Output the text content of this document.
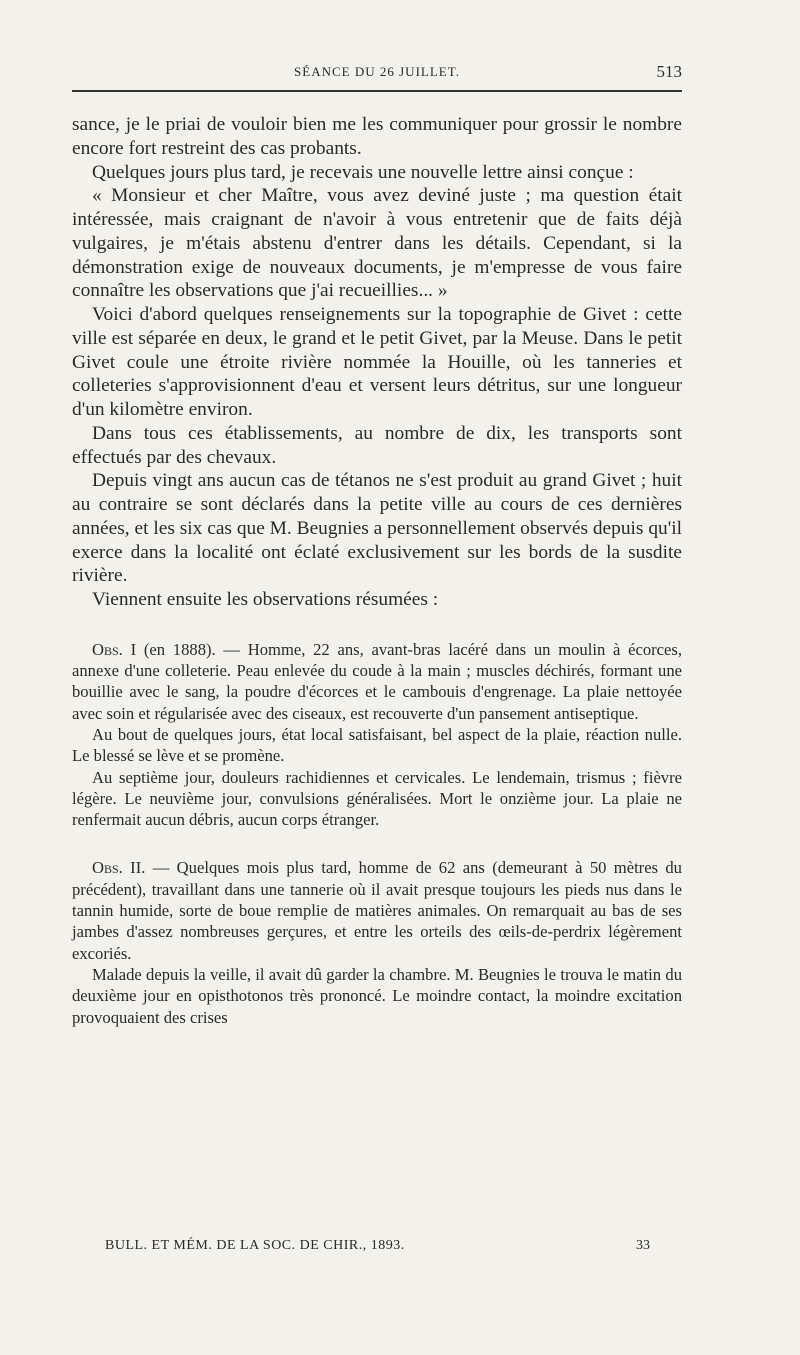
SÉANCE DU 26 JUILLET.	513

sance, je le priai de vouloir bien me les communiquer pour grossir le nombre encore fort restreint des cas probants.

Quelques jours plus tard, je recevais une nouvelle lettre ainsi conçue :

« Monsieur et cher Maître, vous avez deviné juste ; ma question était intéressée, mais craignant de n'avoir à vous entretenir que de faits déjà vulgaires, je m'étais abstenu d'entrer dans les détails. Cependant, si la démonstration exige de nouveaux documents, je m'empresse de vous faire connaître les observations que j'ai recueillies... »

Voici d'abord quelques renseignements sur la topographie de Givet : cette ville est séparée en deux, le grand et le petit Givet, par la Meuse. Dans le petit Givet coule une étroite rivière nommée la Houille, où les tanneries et colleteries s'approvisionnent d'eau et versent leurs détritus, sur une longueur d'un kilomètre environ.

Dans tous ces établissements, au nombre de dix, les transports sont effectués par des chevaux.

Depuis vingt ans aucun cas de tétanos ne s'est produit au grand Givet ; huit au contraire se sont déclarés dans la petite ville au cours de ces dernières années, et les six cas que M. Beugnies a personnellement observés depuis qu'il exerce dans la localité ont éclaté exclusivement sur les bords de la susdite rivière.

Viennent ensuite les observations résumées :

Obs. I (en 1888). — Homme, 22 ans, avant-bras lacéré dans un moulin à écorces, annexe d'une colleterie. Peau enlevée du coude à la main ; muscles déchirés, formant une bouillie avec le sang, la poudre d'écorces et le cambouis d'engrenage. La plaie nettoyée avec soin et régularisée avec des ciseaux, est recouverte d'un pansement antiseptique.

Au bout de quelques jours, état local satisfaisant, bel aspect de la plaie, réaction nulle. Le blessé se lève et se promène.

Au septième jour, douleurs rachidiennes et cervicales. Le lendemain, trismus ; fièvre légère. Le neuvième jour, convulsions généralisées. Mort le onzième jour. La plaie ne renfermait aucun débris, aucun corps étranger.

Obs. II. — Quelques mois plus tard, homme de 62 ans (demeurant à 50 mètres du précédent), travaillant dans une tannerie où il avait presque toujours les pieds nus dans le tannin humide, sorte de boue remplie de matières animales. On remarquait au bas de ses jambes d'assez nombreuses gerçures, et entre les orteils des œils-de-perdrix légèrement excoriés.

Malade depuis la veille, il avait dû garder la chambre. M. Beugnies le trouva le matin du deuxième jour en opisthotonos très prononcé. Le moindre contact, la moindre excitation provoquaient des crises

BULL. ET MÉM. DE LA SOC. DE CHIR., 1893.	33
